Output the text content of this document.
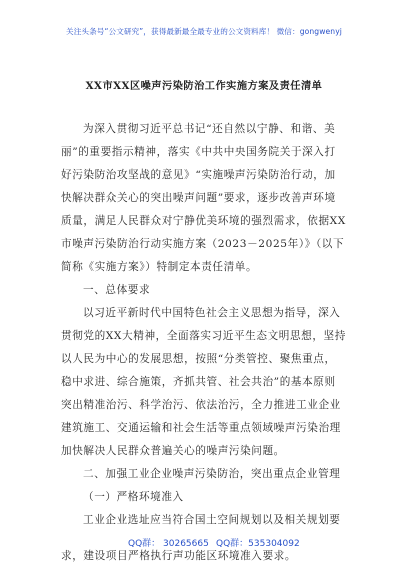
关注头条号“公文研究”，获得最新最全最专业的公文资料库！ 微信：gongwenyj
XX市XX区噪声污染防治工作实施方案及责任清单
为深入贯彻习近平总书记“还自然以宁静、和谐、美
丽”的重要指示精神，落实《中共中央国务院关于深入打
好污染防治攻坚战的意见》“实施噪声污染防治行动，加
快解决群众关心的突出噪声问题”要求，逐步改善声环境
质量，满足人民群众对宁静优美环境的强烈需求，依据XX
市噪声污染防治行动实施方案（2023－2025年）》（以下
简称《实施方案》）特制定本责任清单。
一、总体要求
以习近平新时代中国特色社会主义思想为指导，深入
贯彻党的XX大精神，全面落实习近平生态文明思想，坚持
以人民为中心的发展思想，按照“分类管控、聚焦重点，
稳中求进、综合施策，齐抓共管、社会共治”的基本原则
突出精准治污、科学治污、依法治污，全力推进工业企业
建筑施工、交通运输和社会生活等重点领域噪声污染治理
加快解决人民群众普遍关心的噪声污染问题。
二、加强工业企业噪声污染防治，突出重点企业管理
（一）严格环境准入
工业企业选址应当符合国土空间规划以及相关规划要
QQ群： 30265665 QQ群：535304092
求，建设项目严格执行声功能区环境准入要求。
